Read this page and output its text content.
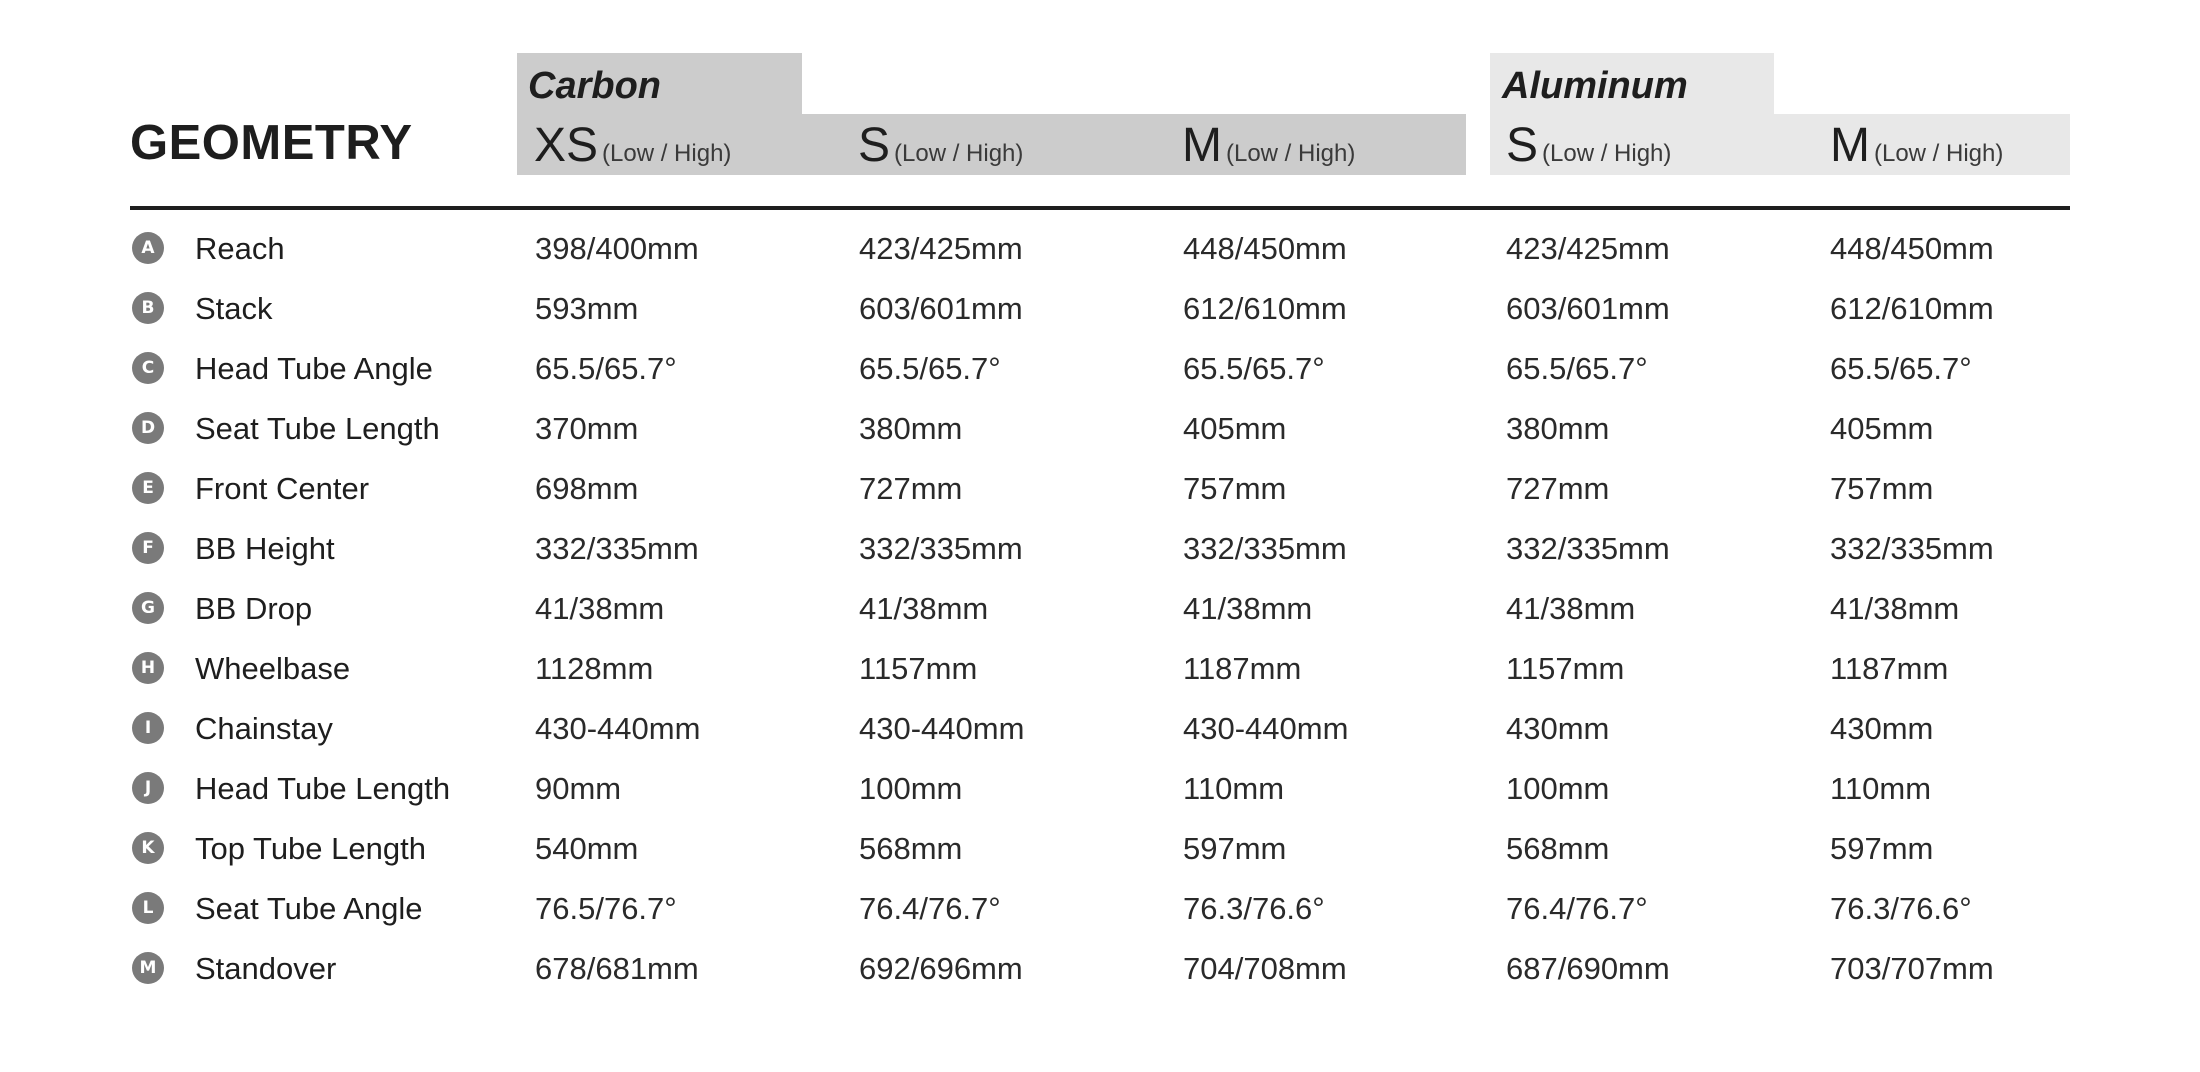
Carbon	Aluminum
GEOMETRY	XS (Low / High)	S (Low / High)	M (Low / High)	S (Low / High)	M (Low / High)
A	Reach	398/400mm	423/425mm	448/450mm	423/425mm	448/450mm
B	Stack	593mm	603/601mm	612/610mm	603/601mm	612/610mm
C	Head Tube Angle	65.5/65.7°	65.5/65.7°	65.5/65.7°	65.5/65.7°	65.5/65.7°
D Seat Tube Length	370mm	380mm	405mm	380mm	405mm
E	Front Center	698mm	727mm	757mm	727mm	757mm
F	BB Height	332/335mm	332/335mm	332/335mm	332/335mm	332/335mm
G BB Drop	41/38mm	41/38mm	41/38mm	41/38mm	41/38mm
H Wheelbase	1128mm	1157mm	1187mm	1157mm	1187mm
I	Chainstay	430-440mm	430-440mm	430-440mm	430mm	430mm
J	Head Tube Length	90mm	100mm	110mm	100mm	110mm
K	Top Tube Length	540mm	568mm	597mm	568mm	597mm
L	Seat Tube Angle	76.5/76.7°	76.4/76.7°	76.3/76.6°	76.4/76.7°	76.3/76.6°
M Standover	678/681mm	692/696mm	704/708mm	687/690mm	703/707mm
